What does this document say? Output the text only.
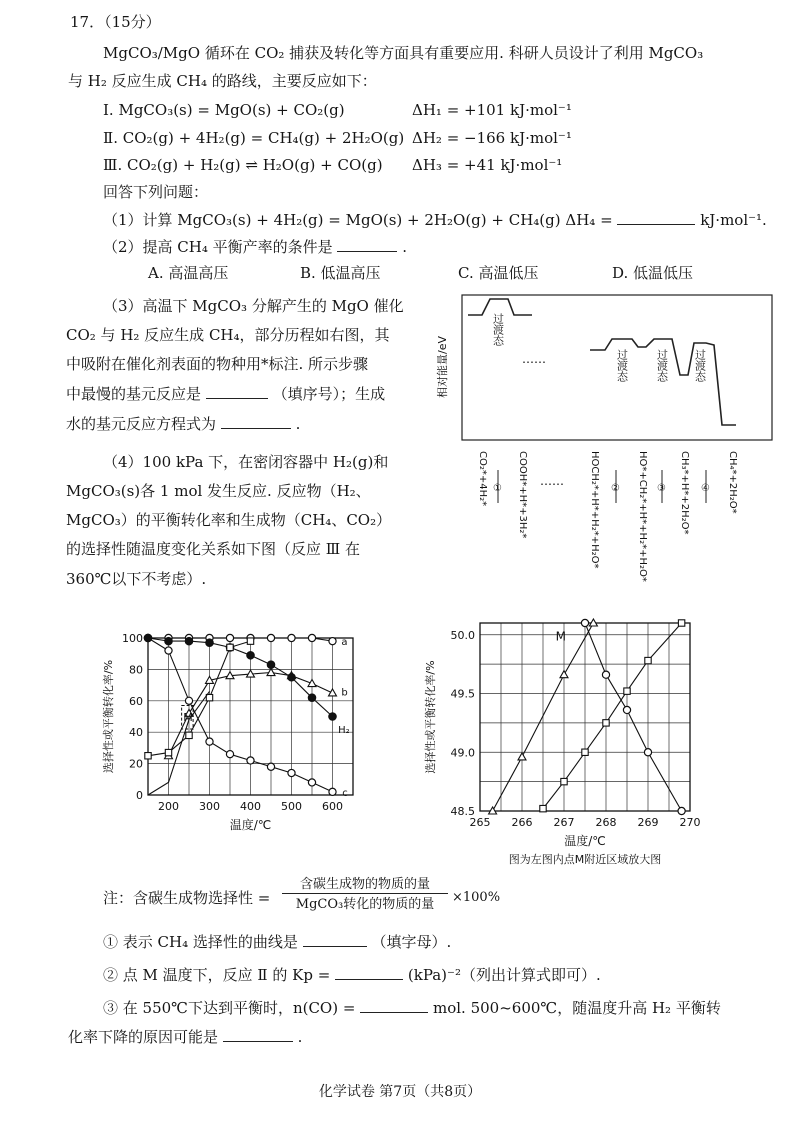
17．（15分）
MgCO₃/MgO 循环在 CO₂ 捕获及转化等方面具有重要应用. 科研人员设计了利用 MgCO₃
与 H₂ 反应生成 CH₄ 的路线，主要反应如下：
Ⅰ. MgCO₃(s) = MgO(s) + CO₂(g)	ΔH₁ = +101 kJ·mol⁻¹
Ⅱ. CO₂(g) + 4H₂(g) = CH₄(g) + 2H₂O(g) ΔH₂ = −166 kJ·mol⁻¹
Ⅲ. CO₂(g) + H₂(g) ⇌ H₂O(g) + CO(g) ΔH₃ = +41 kJ·mol⁻¹
回答下列问题：
（1）计算 MgCO₃(s) + 4H₂(g) = MgO(s) + 2H₂O(g) + CH₄(g) ΔH₄ =	kJ·mol⁻¹.
（2）提高 CH₄ 平衡产率的条件是	.
A. 高温高压	B. 低温高压	C. 高温低压	D. 低温低压
（3）高温下 MgCO₃ 分解产生的 MgO 催化
CO₂ 与 H₂ 反应生成 CH₄，部分历程如右图，其
中吸附在催化剂表面的物种用*标注. 所示步骤
中最慢的基元反应是	（填序号）；生成
水的基元反应方程式为	.
（4）100 kPa 下，在密闭容器中 H₂(g)和
MgCO₃(s)各 1 mol 发生反应. 反应物（H₂、
MgCO₃）的平衡转化率和生成物（CH₄、CO₂）
的选择性随温度变化关系如下图（反应 Ⅲ 在
360℃以下不考虑）.
相对能量/eV	……
过渡态
过渡态 过渡态 过渡态
CO₂*+4H₂*	COOH*+H*+3H₂* ……	HOCH₂*+H*+H₂*+H₂O*	HO*+CH₂*+H*+H₂*+H₂O*	CH₃*+H*+2H₂O*	CH₄*+2H₂O*
①	②	③	④
200 300 400 500 600
0
20
40
60
80
100
温度/℃
选择性或平衡转化率/%
a
b
c
H₂
M
265 266 267 268 269 270
48.5
49.0
49.5
50.0
温度/℃
选择性或平衡转化率/%
图为左图内点M附近区域放大图
M
注：含碳生成物选择性 =
含碳生成物的物质的量
MgCO₃转化的物质的量	×100%
① 表示 CH₄ 选择性的曲线是	（填字母）.
② 点 M 温度下，反应 Ⅱ 的 Kp =	(kPa)⁻²（列出计算式即可）.
③ 在 550℃下达到平衡时，n(CO) =	mol. 500~600℃，随温度升高 H₂ 平衡转
化率下降的原因可能是	.
化学试卷 第7页（共8页）
